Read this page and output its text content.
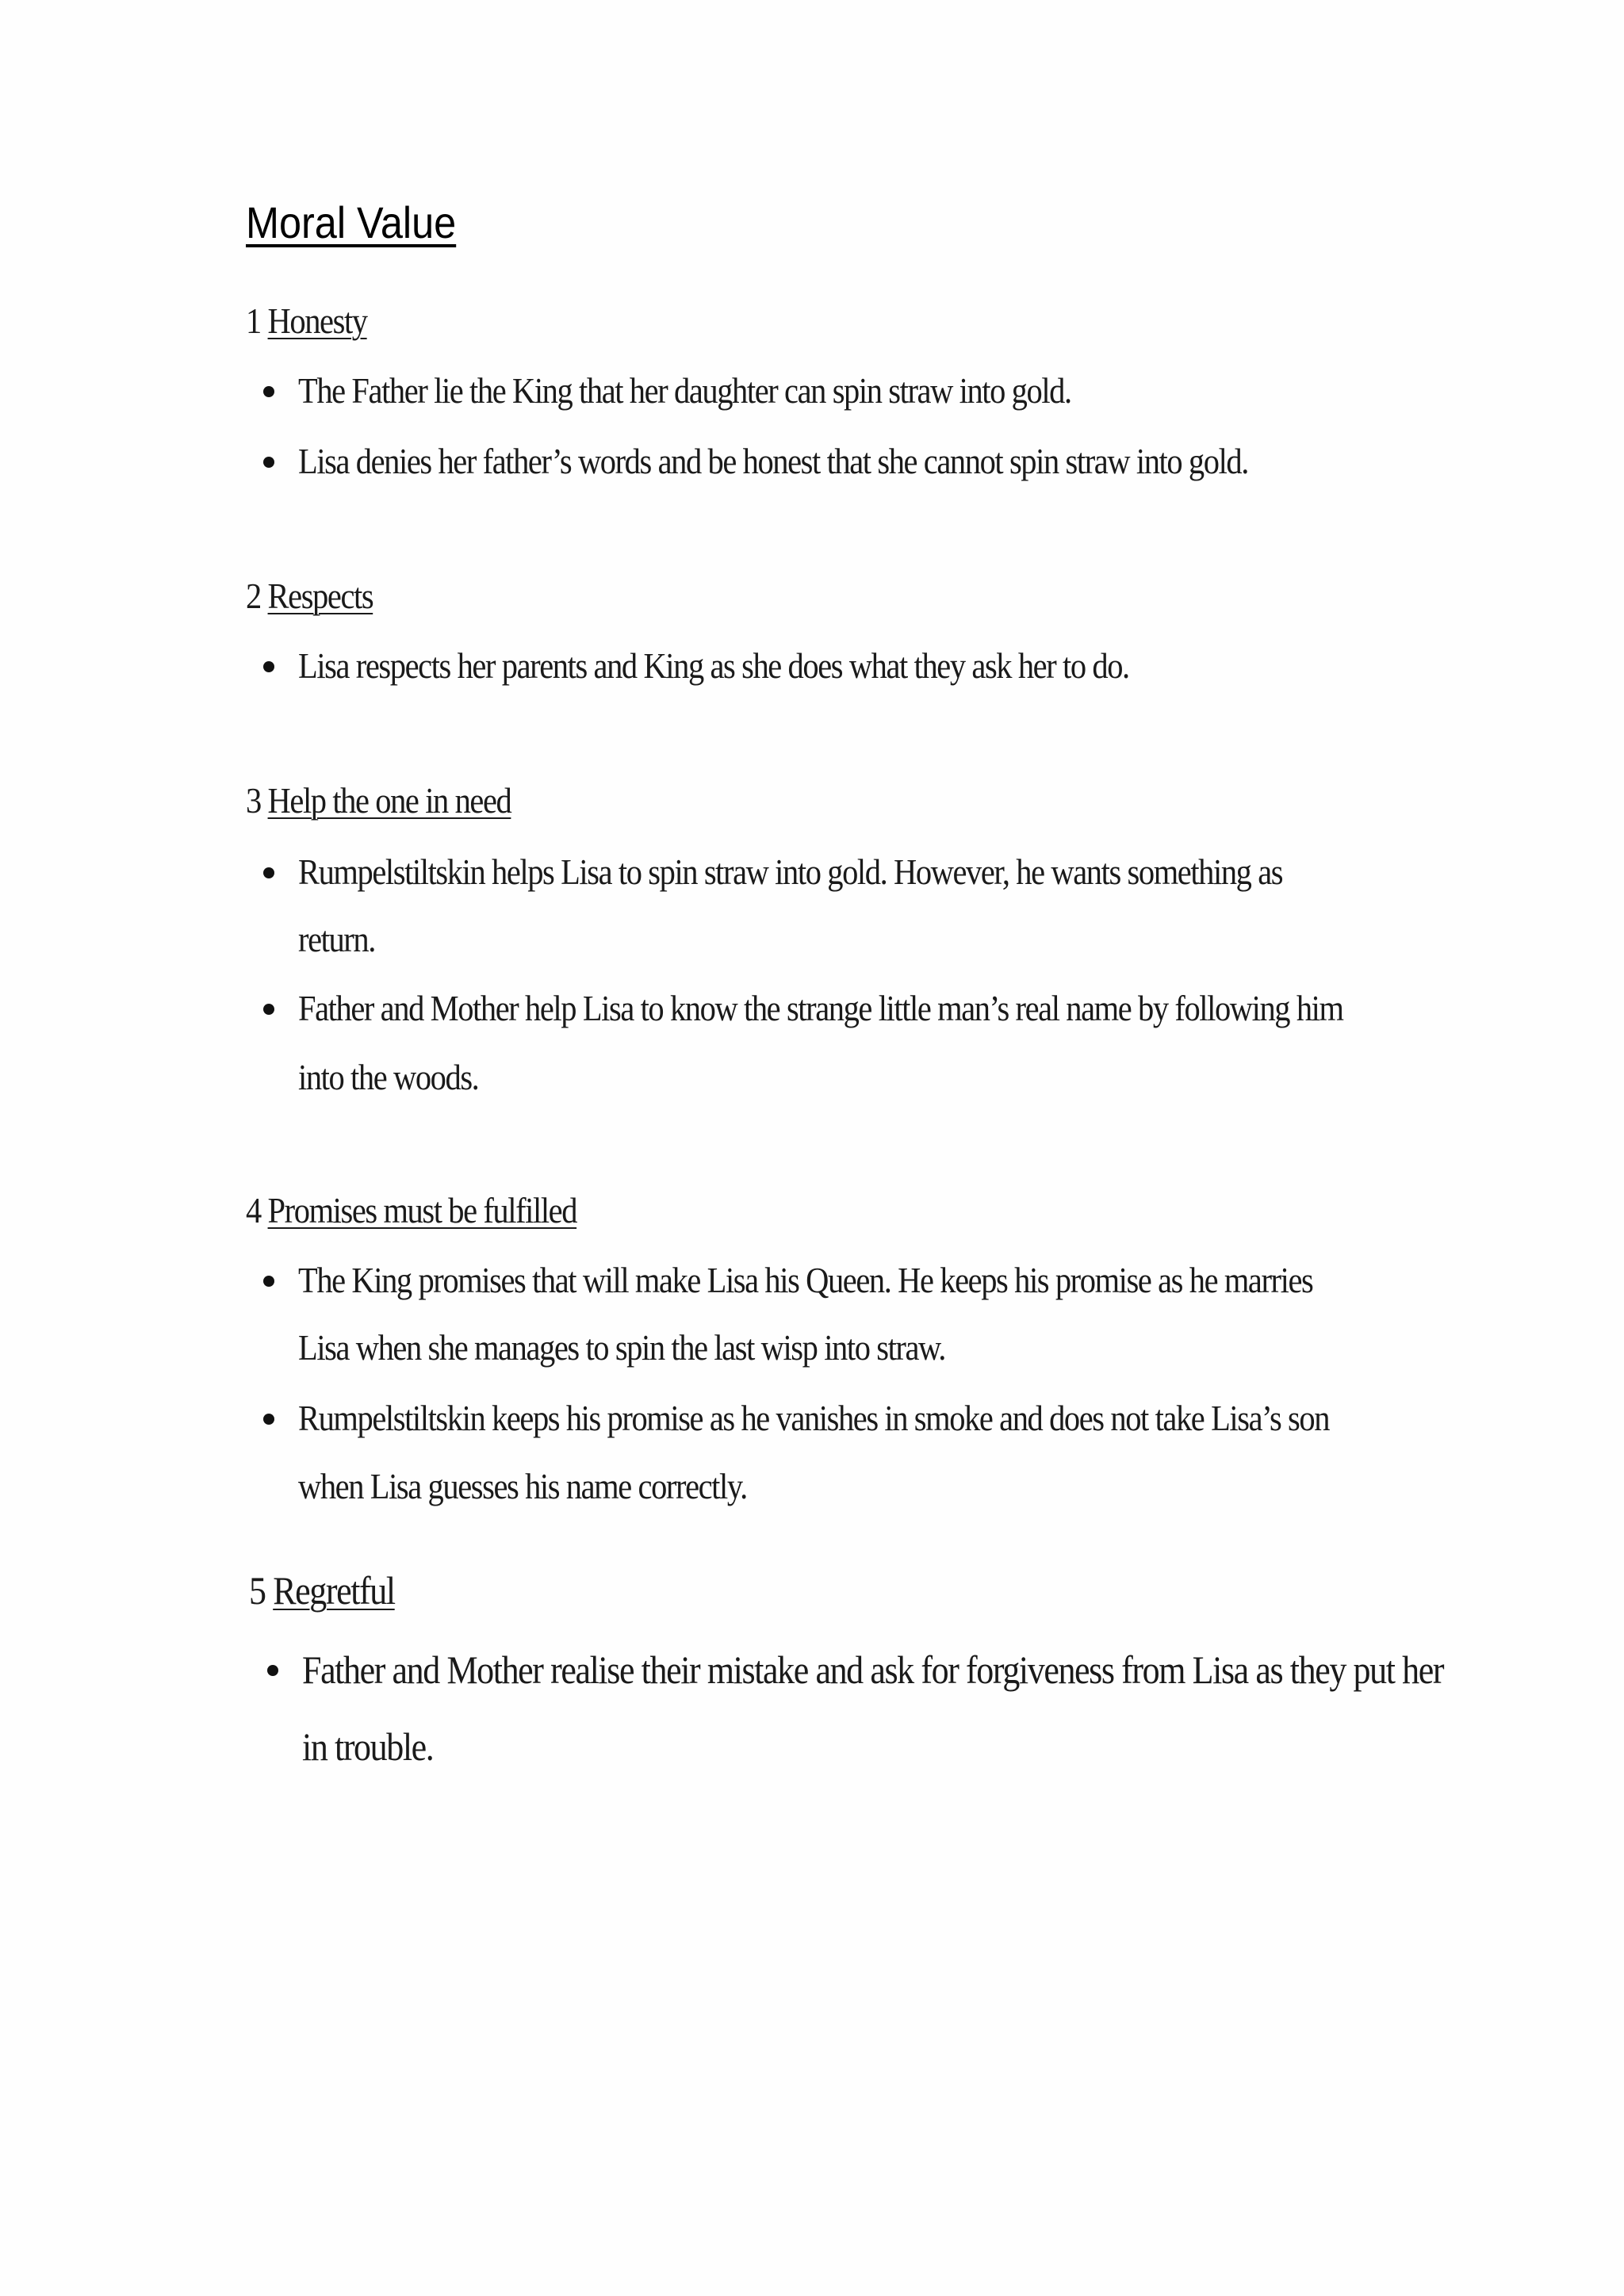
Moral Value
1 Honesty
The Father lie the King that her daughter can spin straw into gold.
Lisa denies her father’s words and be honest that she cannot spin straw into gold.
2 Respects
Lisa respects her parents and King as she does what they ask her to do.
3 Help the one in need
Rumpelstiltskin helps Lisa to spin straw into gold. However, he wants something as
return.
Father and Mother help Lisa to know the strange little man’s real name by following him
into the woods.
4 Promises must be fulfilled
The King promises that will make Lisa his Queen. He keeps his promise as he marries
Lisa when she manages to spin the last wisp into straw.
Rumpelstiltskin keeps his promise as he vanishes in smoke and does not take Lisa’s son
when Lisa guesses his name correctly.
5 Regretful
Father and Mother realise their mistake and ask for forgiveness from Lisa as they put her
in trouble.
